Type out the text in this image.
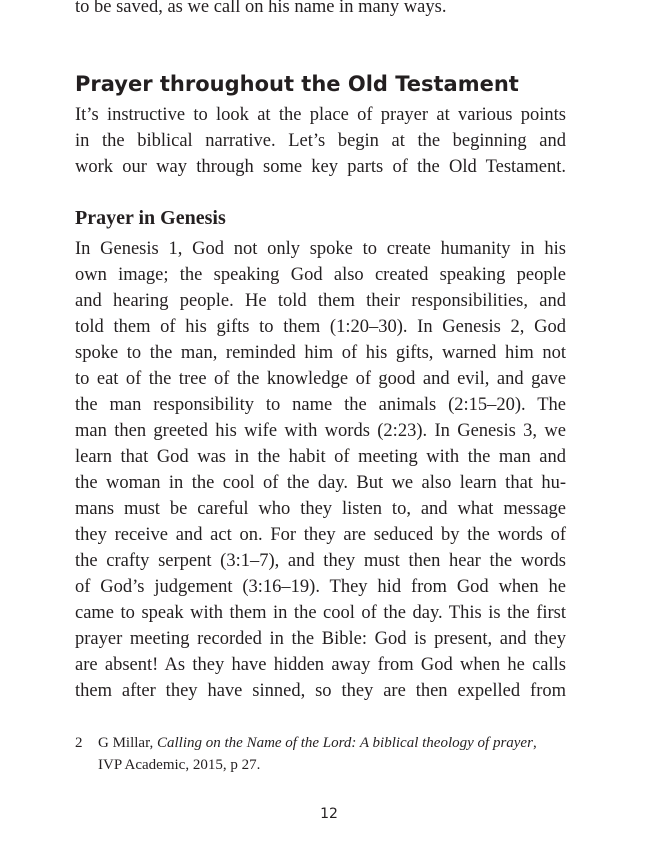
to be saved, as we call on his name in many ways.
Prayer throughout the Old Testament
It’s instructive to look at the place of prayer at various points
in the biblical narrative. Let’s begin at the beginning and
work our way through some key parts of the Old Testament.
Prayer in Genesis
In Genesis 1, God not only spoke to create humanity in his
own image; the speaking God also created speaking people
and hearing people. He told them their responsibilities, and
told them of his gifts to them (1:20–30). In Genesis 2, God
spoke to the man, reminded him of his gifts, warned him not
to eat of the tree of the knowledge of good and evil, and gave
the man responsibility to name the animals (2:15–20). The
man then greeted his wife with words (2:23). In Genesis 3, we
learn that God was in the habit of meeting with the man and
the woman in the cool of the day. But we also learn that hu-
mans must be careful who they listen to, and what message
they receive and act on. For they are seduced by the words of
the crafty serpent (3:1–7), and they must then hear the words
of God’s judgement (3:16–19). They hid from God when he
came to speak with them in the cool of the day. This is the first
prayer meeting recorded in the Bible: God is present, and they
are absent! As they have hidden away from God when he calls
them after they have sinned, so they are then expelled from
2 G Millar, Calling on the Name of the Lord: A biblical theology of prayer,
IVP Academic, 2015, p 27.
12
